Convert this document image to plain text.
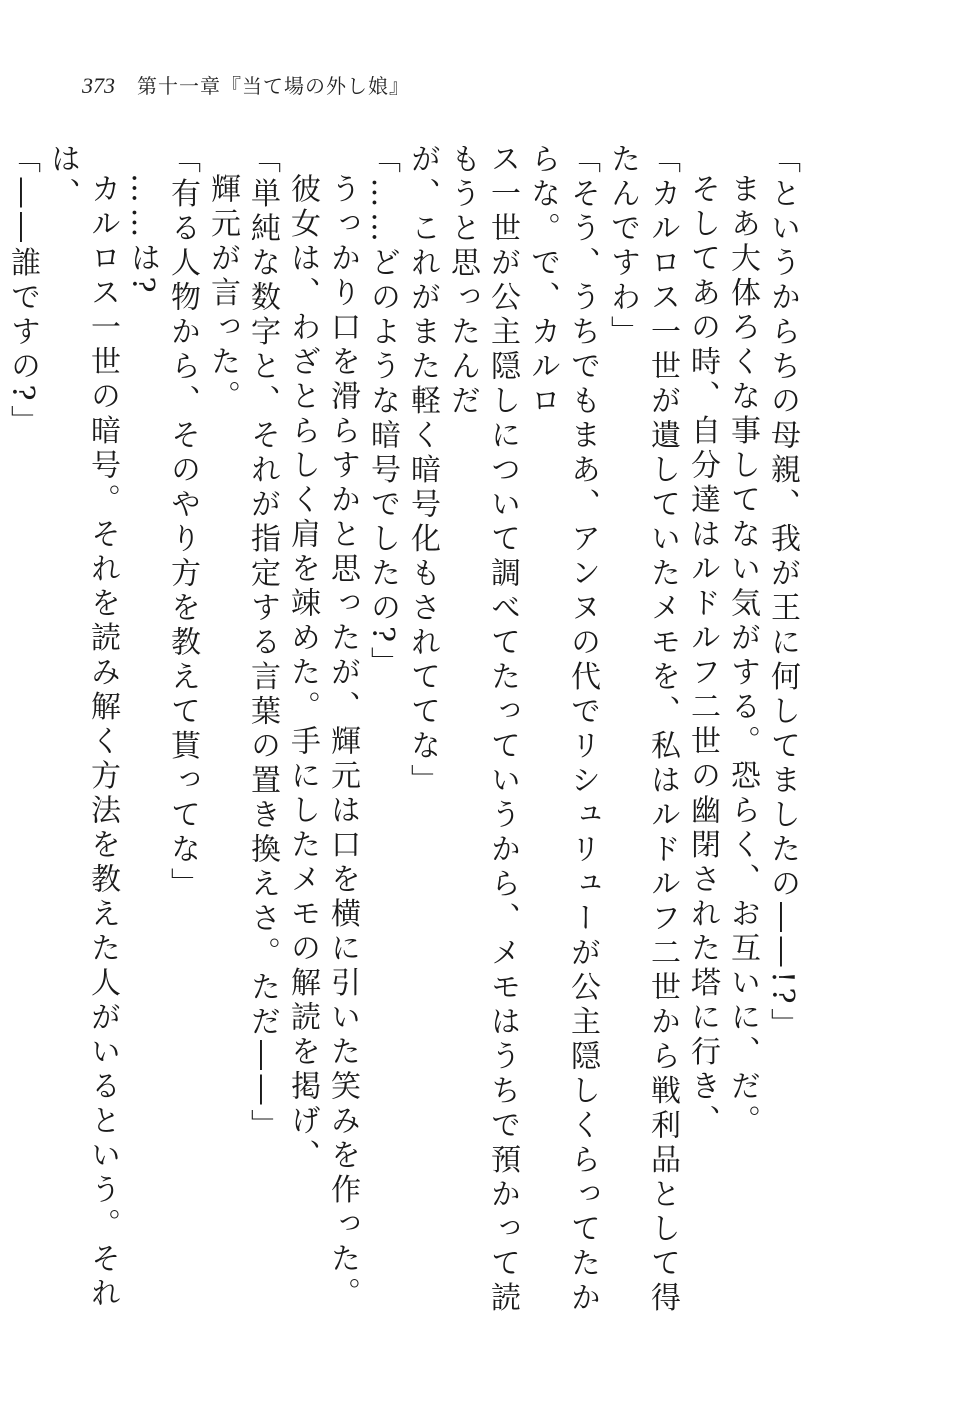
373 第十一章『当て場の外し娘』

「というからちの母親、我が王に何してましたの――!?」

まあ大体ろくな事してない気がする。恐らく、お互いに、だ。

そしてあの時、自分達はルドルフ二世の幽閉された塔に行き、

「カルロス一世が遺していたメモを、私はルドルフ二世から戦利品として得たんですわ」

「そう、うちでもまあ、アンヌの代でリシュリューが公主隠しくらってたからな。で、カルロ

ス一世が公主隠しについて調べてたっていうから、メモはうちで預かって読もうと思ったんだ

が、これがまた軽く暗号化もされててな」

「……どのような暗号でしたの?」

うっかり口を滑らすかと思ったが、輝元は口を横に引いた笑みを作った。

彼女は、わざとらしく肩を竦めた。手にしたメモの解読を掲げ、

「単純な数字と、それが指定する言葉の置き換えさ。ただ――」

輝元が言った。

「有る人物から、そのやり方を教えて貰ってな」

……は?

カルロス一世の暗号。それを読み解く方法を教えた人がいるという。それは、

「――誰ですの?」
